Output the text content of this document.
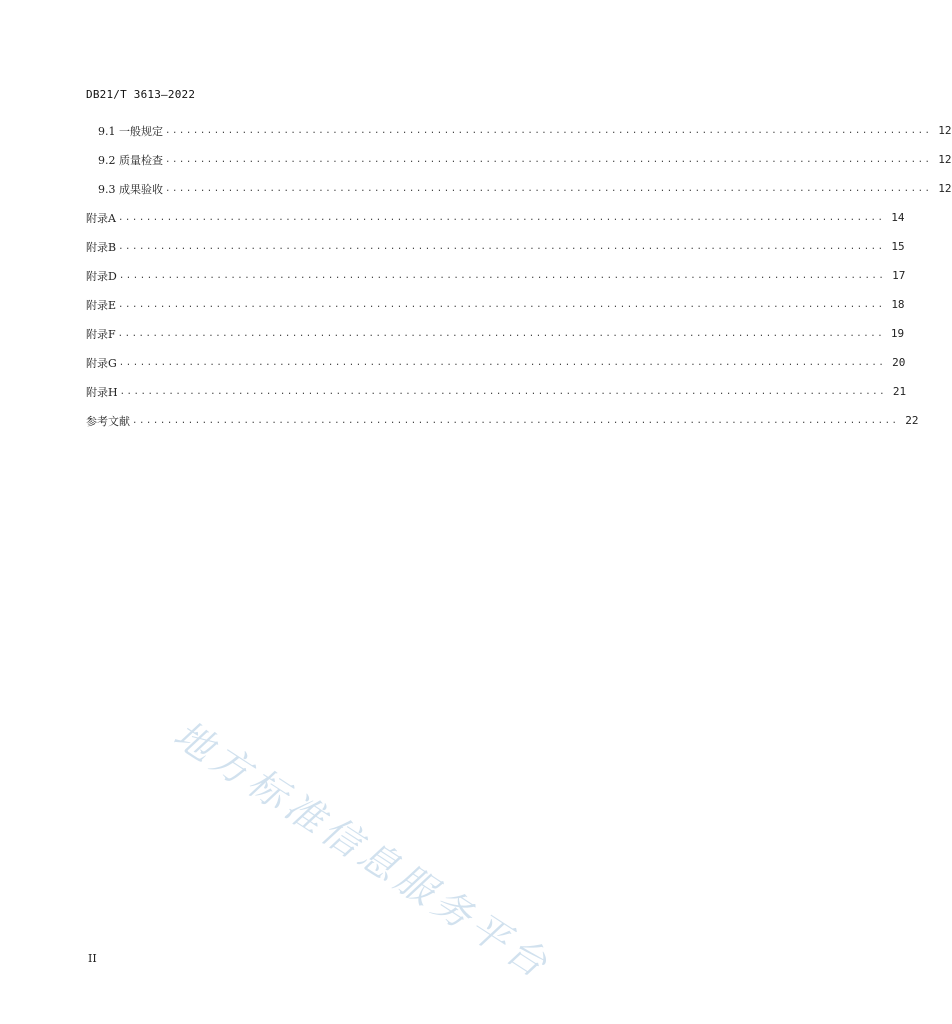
DB21/T 3613—2022
9.1 一般规定 .............................................................................................................. 12
9.2 质量检查 .............................................................................................................. 12
9.3 成果验收 .............................................................................................................. 12
附录A .............................................................................................................. 14
附录B .............................................................................................................. 15
附录D .............................................................................................................. 17
附录E .............................................................................................................. 18
附录F .............................................................................................................. 19
附录G .............................................................................................................. 20
附录H .............................................................................................................. 21
参考文献 .............................................................................................................. 22
地方标准信息服务平台
II
